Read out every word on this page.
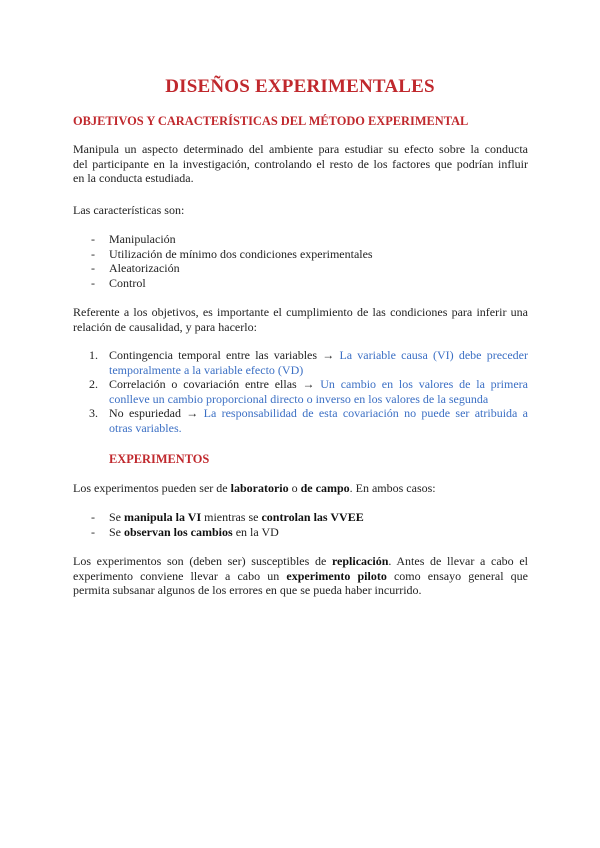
DISEÑOS EXPERIMENTALES
OBJETIVOS Y CARACTERÍSTICAS DEL MÉTODO EXPERIMENTAL
Manipula un aspecto determinado del ambiente para estudiar su efecto sobre la conducta
del participante en la investigación, controlando el resto de los factores que podrían influir
en la conducta estudiada.
Las características son:
- Manipulación
- Utilización de mínimo dos condiciones experimentales
- Aleatorización
- Control
Referente a los objetivos, es importante el cumplimiento de las condiciones para inferir una
relación de causalidad, y para hacerlo:
1. Contingencia temporal entre las variables → La variable causa (VI) debe preceder
temporalmente a la variable efecto (VD)
2. Correlación o covariación entre ellas → Un cambio en los valores de la primera
conlleve un cambio proporcional directo o inverso en los valores de la segunda
3. No espuriedad → La responsabilidad de esta covariación no puede ser atribuida a
otras variables.
EXPERIMENTOS
Los experimentos pueden ser de laboratorio o de campo. En ambos casos:
- Se manipula la VI mientras se controlan las VVEE
- Se observan los cambios en la VD
Los experimentos son (deben ser) susceptibles de replicación. Antes de llevar a cabo el
experimento conviene llevar a cabo un experimento piloto como ensayo general que
permita subsanar algunos de los errores en que se pueda haber incurrido.
